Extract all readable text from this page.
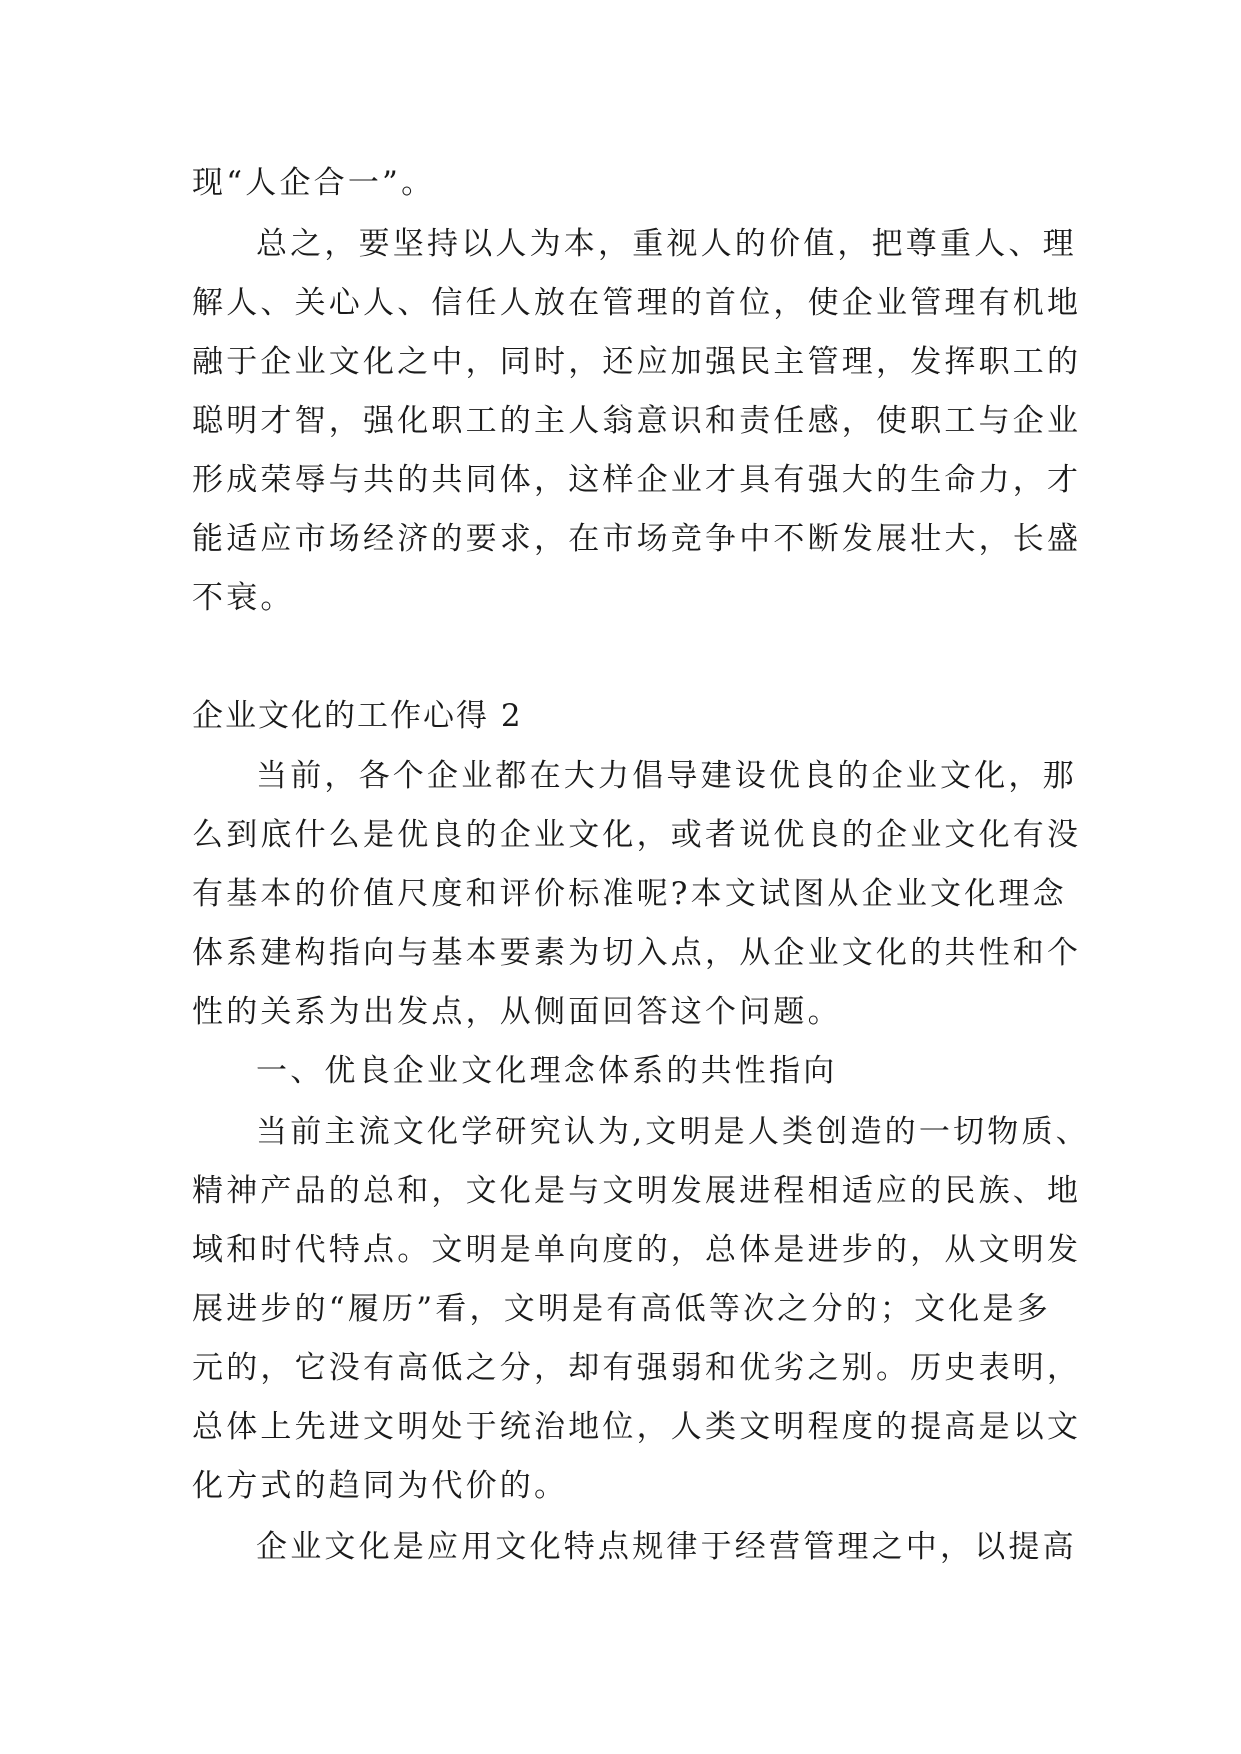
现“人企合一”。
总之，要坚持以人为本，重视人的价值，把尊重人、理
解人、关心人、信任人放在管理的首位，使企业管理有机地
融于企业文化之中，同时，还应加强民主管理，发挥职工的
聪明才智，强化职工的主人翁意识和责任感，使职工与企业
形成荣辱与共的共同体，这样企业才具有强大的生命力，才
能适应市场经济的要求，在市场竞争中不断发展壮大，长盛
不衰。
企业文化的工作心得 2
当前，各个企业都在大力倡导建设优良的企业文化，那
么到底什么是优良的企业文化，或者说优良的企业文化有没
有基本的价值尺度和评价标准呢?本文试图从企业文化理念
体系建构指向与基本要素为切入点，从企业文化的共性和个
性的关系为出发点，从侧面回答这个问题。
一、优良企业文化理念体系的共性指向
当前主流文化学研究认为,文明是人类创造的一切物质、
精神产品的总和，文化是与文明发展进程相适应的民族、地
域和时代特点。文明是单向度的，总体是进步的，从文明发
展进步的“履历”看，文明是有高低等次之分的；文化是多
元的，它没有高低之分，却有强弱和优劣之别。历史表明，
总体上先进文明处于统治地位，人类文明程度的提高是以文
化方式的趋同为代价的。
企业文化是应用文化特点规律于经营管理之中，以提高
